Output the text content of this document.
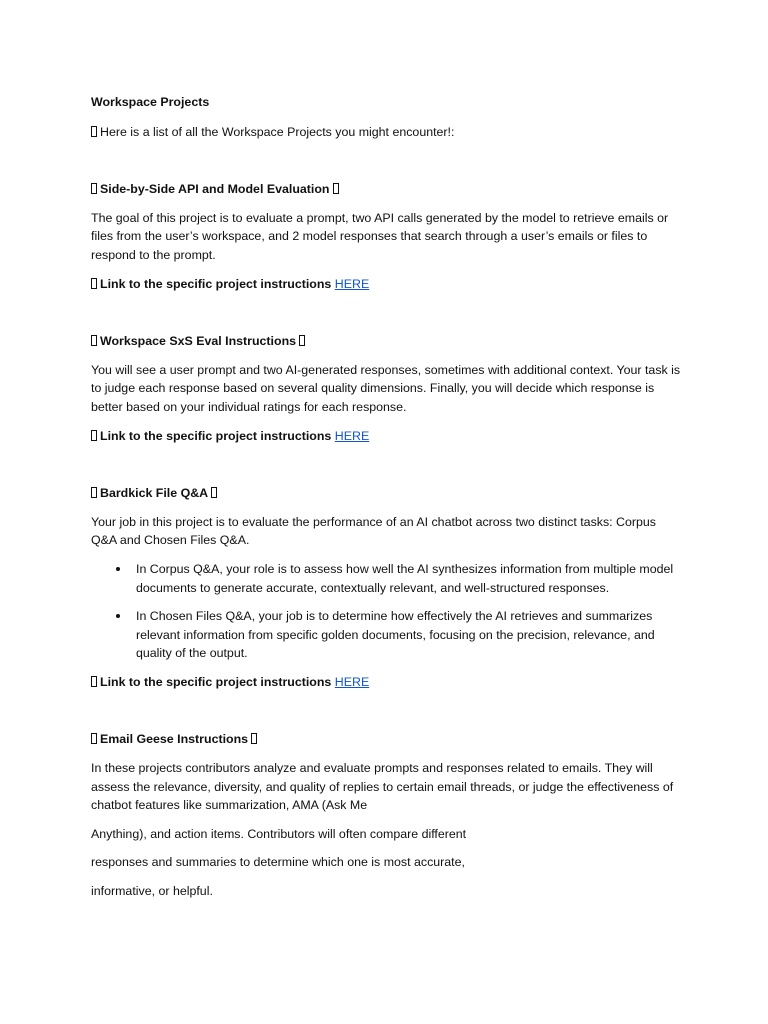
Workspace Projects
Here is a list of all the Workspace Projects you might encounter!:
Side-by-Side API and Model Evaluation
The goal of this project is to evaluate a prompt, two API calls generated by the model to retrieve emails or files from the user’s workspace, and 2 model responses that search through a user’s emails or files to respond to the prompt.
Link to the specific project instructions HERE
Workspace SxS Eval Instructions
You will see a user prompt and two AI-generated responses, sometimes with additional context. Your task is to judge each response based on several quality dimensions. Finally, you will decide which response is better based on your individual ratings for each response.
Link to the specific project instructions HERE
Bardkick File Q&A
Your job in this project is to evaluate the performance of an AI chatbot across two distinct tasks: Corpus Q&A and Chosen Files Q&A.
In Corpus Q&A, your role is to assess how well the AI synthesizes information from multiple model documents to generate accurate, contextually relevant, and well-structured responses.
In Chosen Files Q&A, your job is to determine how effectively the AI retrieves and summarizes relevant information from specific golden documents, focusing on the precision, relevance, and quality of the output.
Link to the specific project instructions HERE
Email Geese Instructions
In these projects contributors analyze and evaluate prompts and responses related to emails. They will assess the relevance, diversity, and quality of replies to certain email threads, or judge the effectiveness of chatbot features like summarization, AMA (Ask Me
Anything), and action items. Contributors will often compare different
responses and summaries to determine which one is most accurate,
informative, or helpful.
